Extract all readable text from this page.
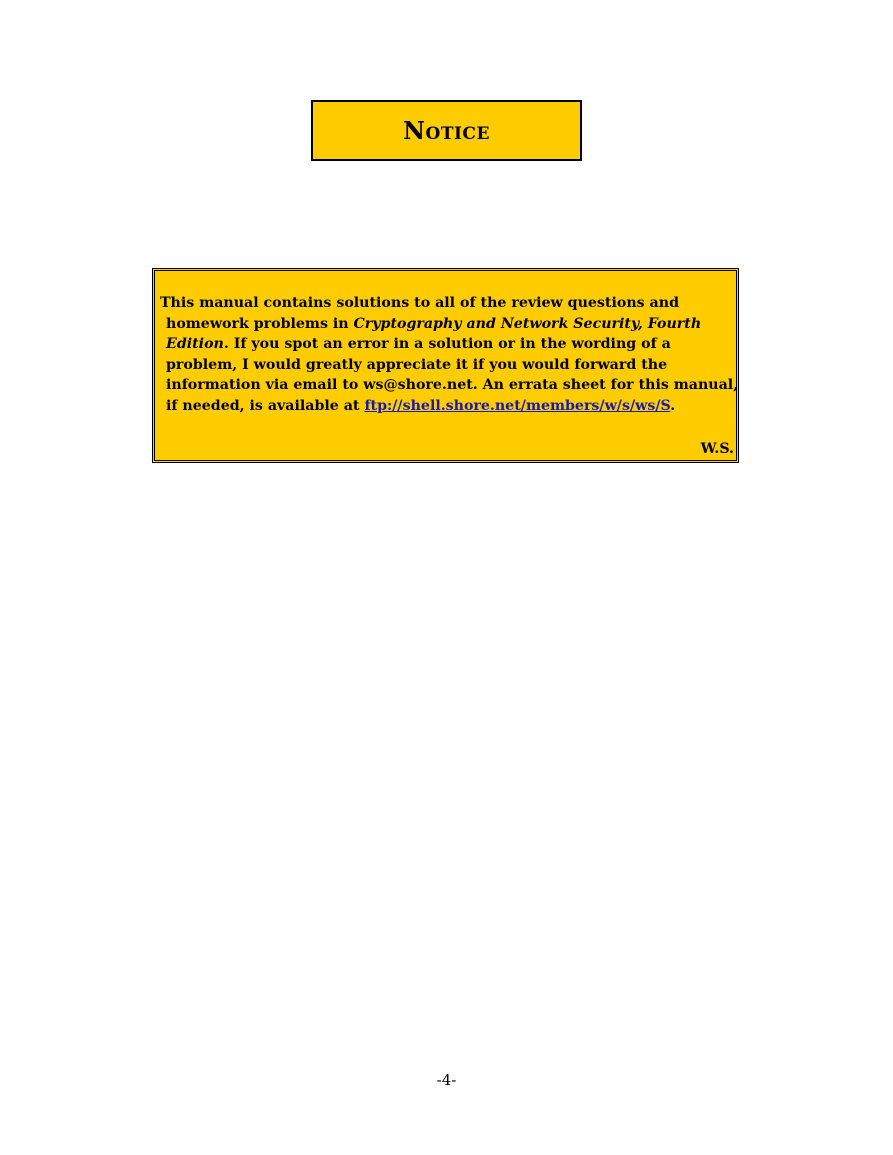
Notice
This manual contains solutions to all of the review questions and
homework problems in Cryptography and Network Security, Fourth
Edition. If you spot an error in a solution or in the wording of a
problem, I would greatly appreciate it if you would forward the
information via email to ws@shore.net. An errata sheet for this manual,
if needed, is available at ftp://shell.shore.net/members/w/s/ws/S.
W.S.
-4-
